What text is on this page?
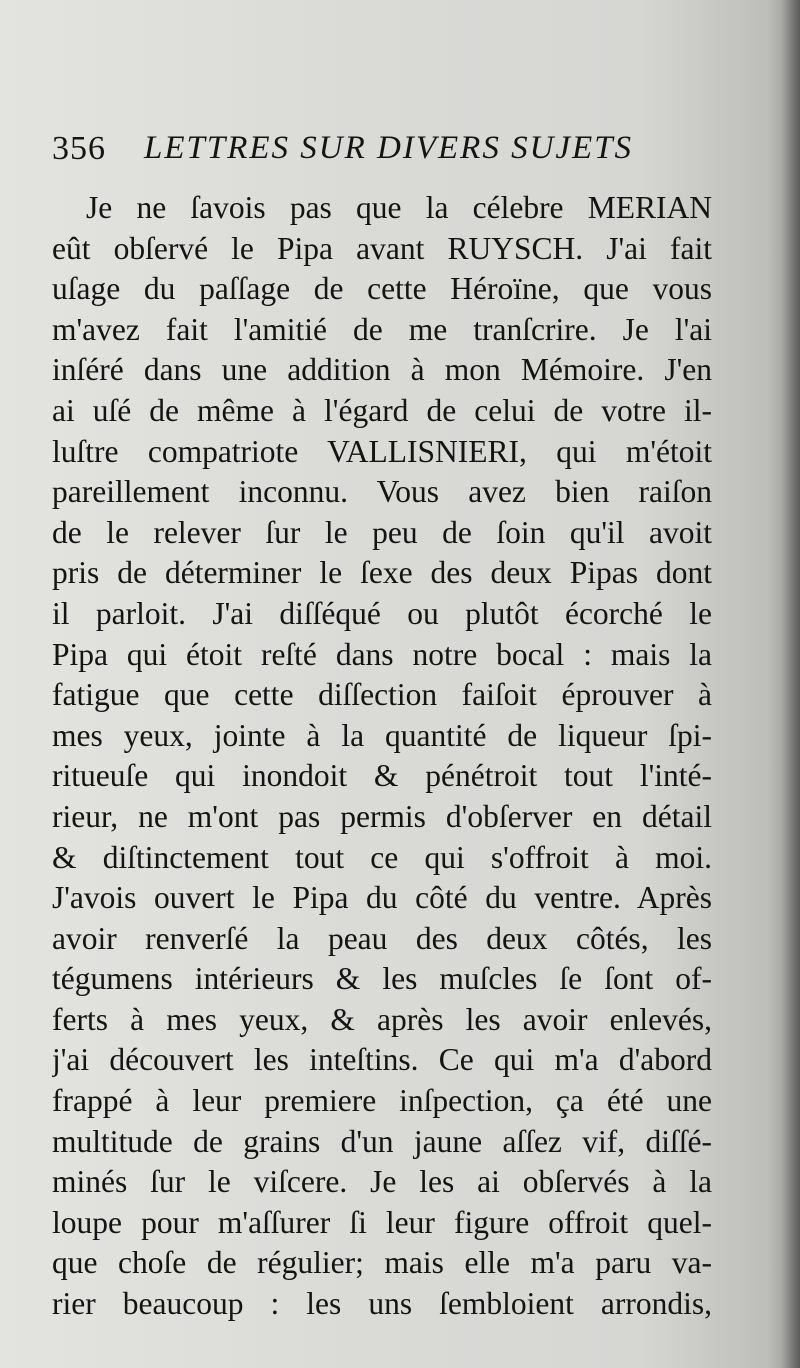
356 LETTRES SUR DIVERS SUJETS
Je ne ſavois pas que la célebre MERIAN
eût obſervé le Pipa avant RUYSCH. J'ai fait
uſage du paſſage de cette Héroïne, que vous
m'avez fait l'amitié de me tranſcrire. Je l'ai
inſéré dans une addition à mon Mémoire. J'en
ai uſé de même à l'égard de celui de votre il-
luſtre compatriote VALLISNIERI, qui m'étoit
pareillement inconnu. Vous avez bien raiſon
de le relever ſur le peu de ſoin qu'il avoit
pris de déterminer le ſexe des deux Pipas dont
il parloit. J'ai diſſéqué ou plutôt écorché le
Pipa qui étoit reſté dans notre bocal : mais la
fatigue que cette diſſection faiſoit éprouver à
mes yeux, jointe à la quantité de liqueur ſpi-
ritueuſe qui inondoit & pénétroit tout l'inté-
rieur, ne m'ont pas permis d'obſerver en détail
& diſtinctement tout ce qui s'offroit à moi.
J'avois ouvert le Pipa du côté du ventre. Après
avoir renverſé la peau des deux côtés, les
tégumens intérieurs & les muſcles ſe ſont of-
ferts à mes yeux, & après les avoir enlevés,
j'ai découvert les inteſtins. Ce qui m'a d'abord
frappé à leur premiere inſpection, ça été une
multitude de grains d'un jaune aſſez vif, diſſé-
minés ſur le viſcere. Je les ai obſervés à la
loupe pour m'aſſurer ſi leur figure offroit quel-
que choſe de régulier; mais elle m'a paru va-
rier beaucoup : les uns ſembloient arrondis,
